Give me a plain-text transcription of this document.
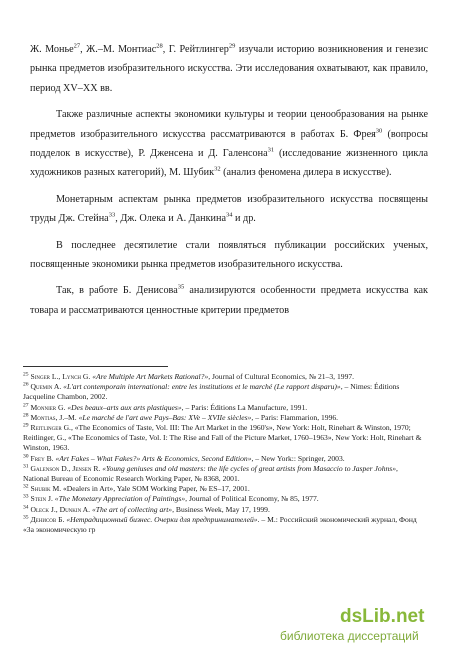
Ж. Монье$^{27}$, Ж.–М. Монтиас$^{28}$, Г. Рейтлингер$^{29}$ изучали историю возникновения и генезис рынка предметов изобразительного искусства. Эти исследования охватывают, как правило, период XV–XX вв.

Также различные аспекты экономики культуры и теории ценообразования на рынке предметов изобразительного искусства рассматриваются в работах Б. Фрея$^{30}$ (вопросы подделок в искусстве), Р. Дженсена и Д. Галенсона$^{31}$ (исследование жизненного цикла художников разных категорий), М. Шубик$^{32}$ (анализ феномена дилера в искусстве).

Монетарным аспектам рынка предметов изобразительного искусства посвящены труды Дж. Стейна$^{33}$, Дж. Олека и А. Данкина$^{34}$ и др.

В последнее десятилетие стали появляться публикации российских ученых, посвященные экономики рынка предметов изобразительного искусства.

Так, в работе Б. Денисова$^{35}$ анализируются особенности предмета искусства как товара и рассматриваются ценностные критерии предметов

$^{25}$ Singer L., Lynch G. «Are Multiple Art Markets Rational?», Journal of Cultural Economics, № 21–3, 1997.

$^{26}$ Quemin A. «L'art contemporain international: entre les institutions et le marché (Le rapport disparu)», – Nimes: Éditions Jacqueline Chambon, 2002.

$^{27}$ Monnier G. «Des beaux–arts aux arts plastiques», – Paris: Éditions La Manufacture, 1991.

$^{28}$ Montias, J.–M. «Le marché de l'art awe Pays–Bas: XVe – XVIIe siècles», – Paris: Flammarion, 1996.

$^{29}$ Reitlinger G., «The Economics of Taste, Vol. III: The Art Market in the 1960's», New York: Holt, Rinehart & Winston, 1970; Reitlinger, G., «The Economics of Taste, Vol. I: The Rise and Fall of the Picture Market, 1760–1963», New York: Holt, Rinehart & Winston, 1963.

$^{30}$ Frey B. «Art Fakes – What Fakes?» Arts & Economics, Second Edition», – New York:: Springer, 2003.

$^{31}$ Galenson D., Jensen R. «Young geniuses and old masters: the life cycles of great artists from Masaccio to Jasper Johns», National Bureau of Economic Research Working Paper, № 8368, 2001.

$^{32}$ Shubik M. «Dealers in Art», Yale SOM Working Paper, № ES–17, 2001.

$^{33}$ Stein J. «The Monetary Appreciation of Paintings», Journal of Political Economy, № 85, 1977.

$^{34}$ Oleck J., Dunkin A. «The art of collecting art», Business Week, May 17, 1999.

$^{35}$ Денисов Б. «Нетрадиционный бизнес. Очерки для предпринимателей». – М.: Российский экономический журнал, Фонд «За экономическую гр

dsLib.net
библиотека диссертаций
